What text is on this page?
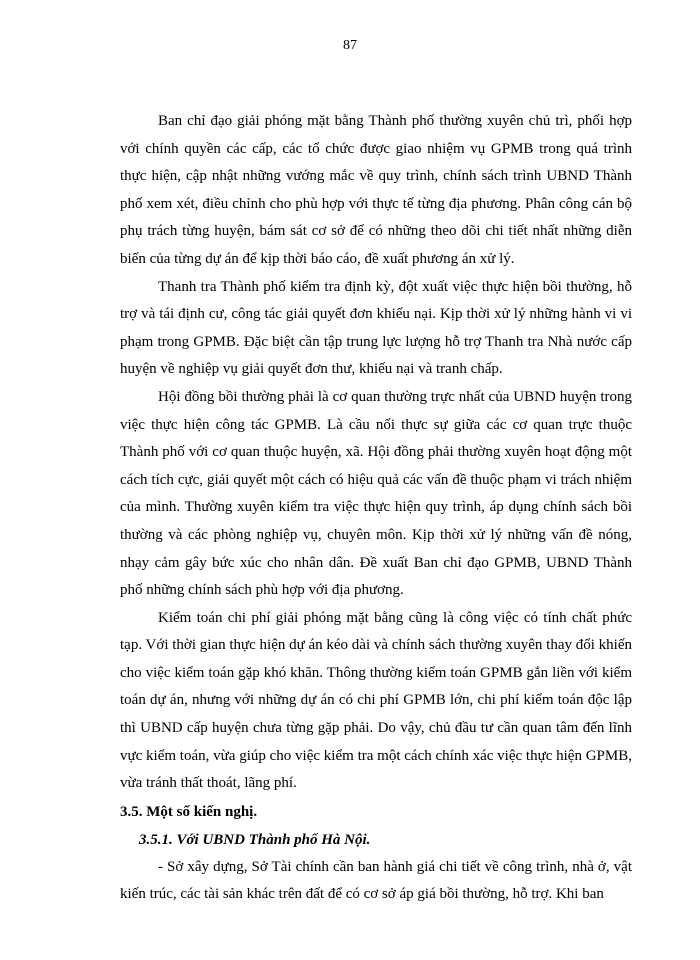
87

Ban chỉ đạo giải phóng mặt bằng Thành phố thường xuyên chủ trì, phối hợp với chính quyền các cấp, các tổ chức được giao nhiệm vụ GPMB trong quá trình thực hiện, cập nhật những vướng mắc về quy trình, chính sách trình UBND Thành phố xem xét, điều chỉnh cho phù hợp với thực tế từng địa phương. Phân công cán bộ phụ trách từng huyện, bám sát cơ sở để có những theo dõi chi tiết nhất những diễn biến của từng dự án để kịp thời báo cáo, đề xuất phương án xử lý.

Thanh tra Thành phố kiểm tra định kỳ, đột xuất việc thực hiện bồi thường, hỗ trợ và tái định cư, công tác giải quyết đơn khiếu nại. Kịp thời xử lý những hành vi vi phạm trong GPMB. Đặc biệt cần tập trung lực lượng hỗ trợ Thanh tra Nhà nước cấp huyện về nghiệp vụ giải quyết đơn thư, khiếu nại và tranh chấp.

Hội đồng bồi thường phải là cơ quan thường trực nhất của UBND huyện trong việc thực hiện công tác GPMB. Là cầu nối thực sự giữa các cơ quan trực thuộc Thành phố với cơ quan thuộc huyện, xã. Hội đồng phải thường xuyên hoạt động một cách tích cực, giải quyết một cách có hiệu quả các vấn đề thuộc phạm vi trách nhiệm của mình. Thường xuyên kiểm tra việc thực hiện quy trình, áp dụng chính sách bồi thường và các phòng nghiệp vụ, chuyên môn. Kịp thời xử lý những vấn đề nóng, nhạy cảm gây bức xúc cho nhân dân. Đề xuất Ban chỉ đạo GPMB, UBND Thành phố những chính sách phù hợp với địa phương.

Kiểm toán chi phí giải phóng mặt bằng cũng là công việc có tính chất phức tạp. Với thời gian thực hiện dự án kéo dài và chính sách thường xuyên thay đổi khiến cho việc kiểm toán gặp khó khăn. Thông thường kiểm toán GPMB gắn liền với kiểm toán dự án, nhưng với những dự án có chi phí GPMB lớn, chi phí kiểm toán độc lập thì UBND cấp huyện chưa từng gặp phải. Do vậy, chủ đầu tư cần quan tâm đến lĩnh vực kiểm toán, vừa giúp cho việc kiểm tra một cách chính xác việc thực hiện GPMB, vừa tránh thất thoát, lãng phí.

3.5. Một số kiến nghị.

3.5.1. Với UBND Thành phố Hà Nội.

- Sở xây dựng, Sở Tài chính cần ban hành giá chi tiết về công trình, nhà ở, vật kiến trúc, các tài sản khác trên đất để có cơ sở áp giá bồi thường, hỗ trợ. Khi ban
